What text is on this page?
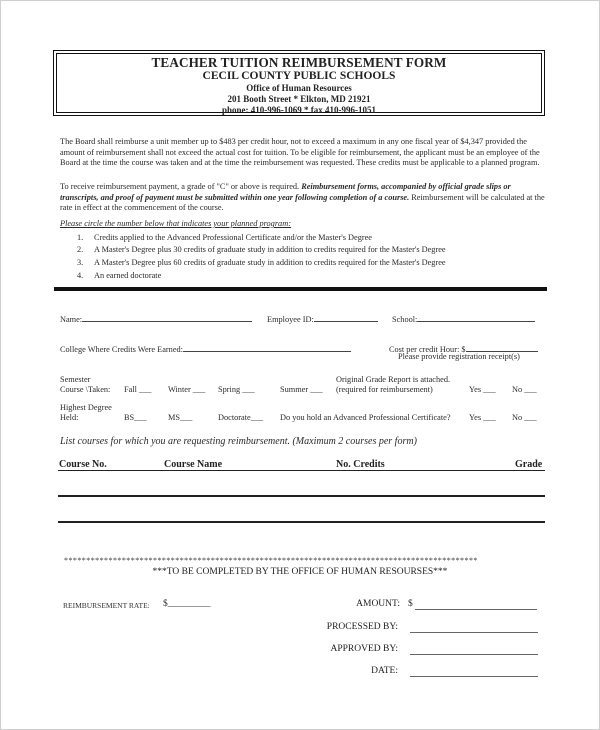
TEACHER TUITION REIMBURSEMENT FORM
CECIL COUNTY PUBLIC SCHOOLS
Office of Human Resources
201 Booth Street * Elkton, MD 21921
phone: 410-996-1069 * fax 410-996-1051
The Board shall reimburse a unit member up to $483 per credit hour, not to exceed a maximum in any one fiscal year of $4,347 provided the amount of reimbursement shall not exceed the actual cost for tuition. To be eligible for reimbursement, the applicant must be an employee of the Board at the time the course was taken and at the time the reimbursement was requested. These credits must be applicable to a planned program.
To receive reimbursement payment, a grade of "C" or above is required. Reimbursement forms, accompanied by official grade slips or transcripts, and proof of payment must be submitted within one year following completion of a course. Reimbursement will be calculated at the rate in effect at the commencement of the course.
Please circle the number below that indicates your planned program:
1. Credits applied to the Advanced Professional Certificate and/or the Master's Degree
2. A Master's Degree plus 30 credits of graduate study in addition to credits required for the Master's Degree
3. A Master's Degree plus 60 credits of graduate study in addition to credits required for the Master's Degree
4. An earned doctorate
Name:	Employee ID:	School:
College Where Credits Were Earned:	Cost per credit Hour: $
Please provide registration receipt(s)
Semester
Course \Taken: Fall ___ Winter ___ Spring ___	Summer ___
Original Grade Report is attached.
(required for reimbursement)	Yes ___ No ___
Highest Degree
Held:	BS___	MS___	Doctorate___ Do you hold an Advanced Professional Certificate? Yes ___ No ___
List courses for which you are requesting reimbursement. (Maximum 2 courses per form)
Course No.	Course Name	No. Credits	Grade
*********************************************************************************************
***TO BE COMPLETED BY THE OFFICE OF HUMAN RESOURSES***
REIMBURSEMENT RATE: $_________	AMOUNT: $
PROCESSED BY:
APPROVED BY:
DATE:
